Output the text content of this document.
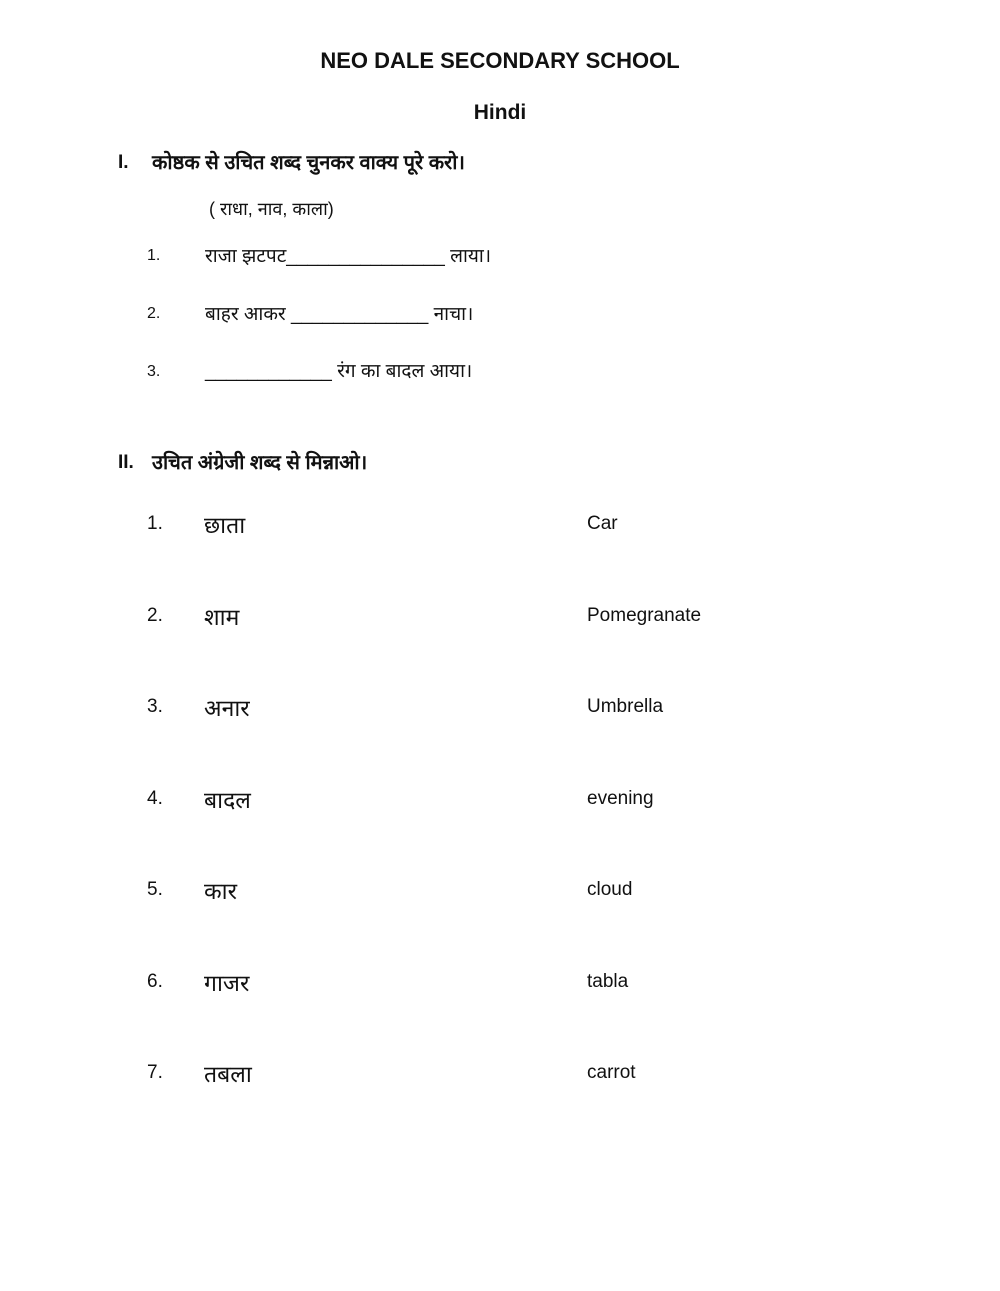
NEO DALE SECONDARY SCHOOL
Hindi
I. कोष्ठक से उचित शब्द चुनकर वाक्य पूरे करो।
( राधा, नाव, काला)
1. राजा झटपट_______________ लाया।
2. बाहर आकर _____________ नाचा।
3. ____________ रंग का बादल आया।
II. उचित अंग्रेजी शब्द से मिन्नाओ।
1. छाता	Car
2. शाम	Pomegranate
3. अनार	Umbrella
4. बादल	evening
5. कार	cloud
6. गाजर	tabla
7. तबला	carrot
